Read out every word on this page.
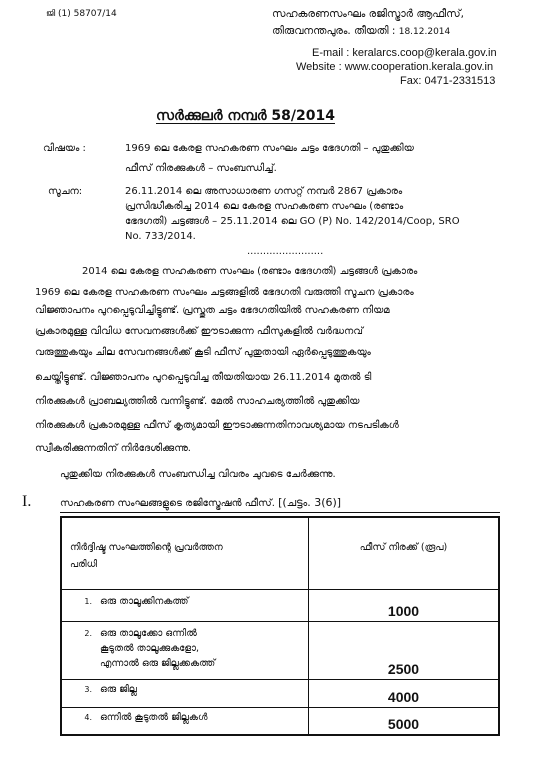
ജി (1) 58707/14	സഹകരണസംഘം രജിസ്ട്രാർ ആഫീസ്,
തിരുവനന്തപുരം. തീയതി : 18.12.2014
E-mail : keralarcs.coop@kerala.gov.in
Website : www.cooperation.kerala.gov.in
Fax: 0471-2331513
സർക്കുലർ നമ്പർ 58/2014
വിഷയം :	1969 ലെ കേരള സഹകരണ സംഘം ചട്ടം ഭേദഗതി – പുതുക്കിയ
ഫീസ് നിരക്കുകൾ – സംബന്ധിച്ച്.
സൂചന:	26.11.2014 ലെ അസാധാരണ ഗസറ്റ് നമ്പർ 2867 പ്രകാരം
പ്രസിദ്ധീകരിച്ച 2014 ലെ കേരള സഹകരണ സംഘം (രണ്ടാം
ഭേദഗതി) ചട്ടങ്ങൾ – 25.11.2014 ലെ GO (P) No. 142/2014/Coop, SRO
No. 733/2014.
........................
2014 ലെ കേരള സഹകരണ സംഘം (രണ്ടാം ഭേദഗതി) ചട്ടങ്ങൾ പ്രകാരം
1969 ലെ കേരള സഹകരണ സംഘം ചട്ടങ്ങളിൽ ഭേദഗതി വരുത്തി സൂചന പ്രകാരം
വിജ്ഞാപനം പുറപ്പെടുവിച്ചിട്ടുണ്ട്. പ്രസ്തുത ചട്ടം ഭേദഗതിയിൽ സഹകരണ നിയമ
പ്രകാരമുള്ള വിവിധ സേവനങ്ങൾക്ക് ഈടാക്കുന്ന ഫീസുകളിൽ വർദ്ധനവ്
വരുത്തുകയും ചില സേവനങ്ങൾക്ക് കൂടി ഫീസ് പുതുതായി ഏർപ്പെടുത്തുകയും
ചെയ്തിട്ടുണ്ട്. വിജ്ഞാപനം പുറപ്പെടുവിച്ച തീയതിയായ 26.11.2014 മുതൽ ടി
നിരക്കുകൾ പ്രാബല്യത്തിൽ വന്നിട്ടുണ്ട്. മേൽ സാഹചര്യത്തിൽ പുതുക്കിയ
നിരക്കുകൾ പ്രകാരമുള്ള ഫീസ് കൃത്യമായി ഈടാക്കുന്നതിനാവശ്യമായ നടപടികൾ
സ്വീകരിക്കുന്നതിന് നിർദേശിക്കുന്നു.
പുതുക്കിയ നിരക്കുകൾ സംബന്ധിച്ച വിവരം ചുവടെ ചേർക്കുന്നു.
I.	സഹകരണ സംഘങ്ങളുടെ രജിസ്ട്രേഷൻ ഫീസ്. [(ചട്ടം. 3(6)]
നിർദ്ദിഷ്ട സംഘത്തിന്റെ പ്രവർത്തന
പരിധി	ഫീസ് നിരക്ക് (രൂപ)
1. ഒരു താലൂക്കിനകത്ത്	1000

2. ഒരു താലൂക്കോ ഒന്നിൽ
കൂടുതൽ താലൂക്കുകളോ,
എന്നാൽ ഒരു ജില്ലക്കകത്ത്	2500
3. ഒരു ജില്ല	4000
4. ഒന്നിൽ കൂടുതൽ ജില്ലകൾ	5000
